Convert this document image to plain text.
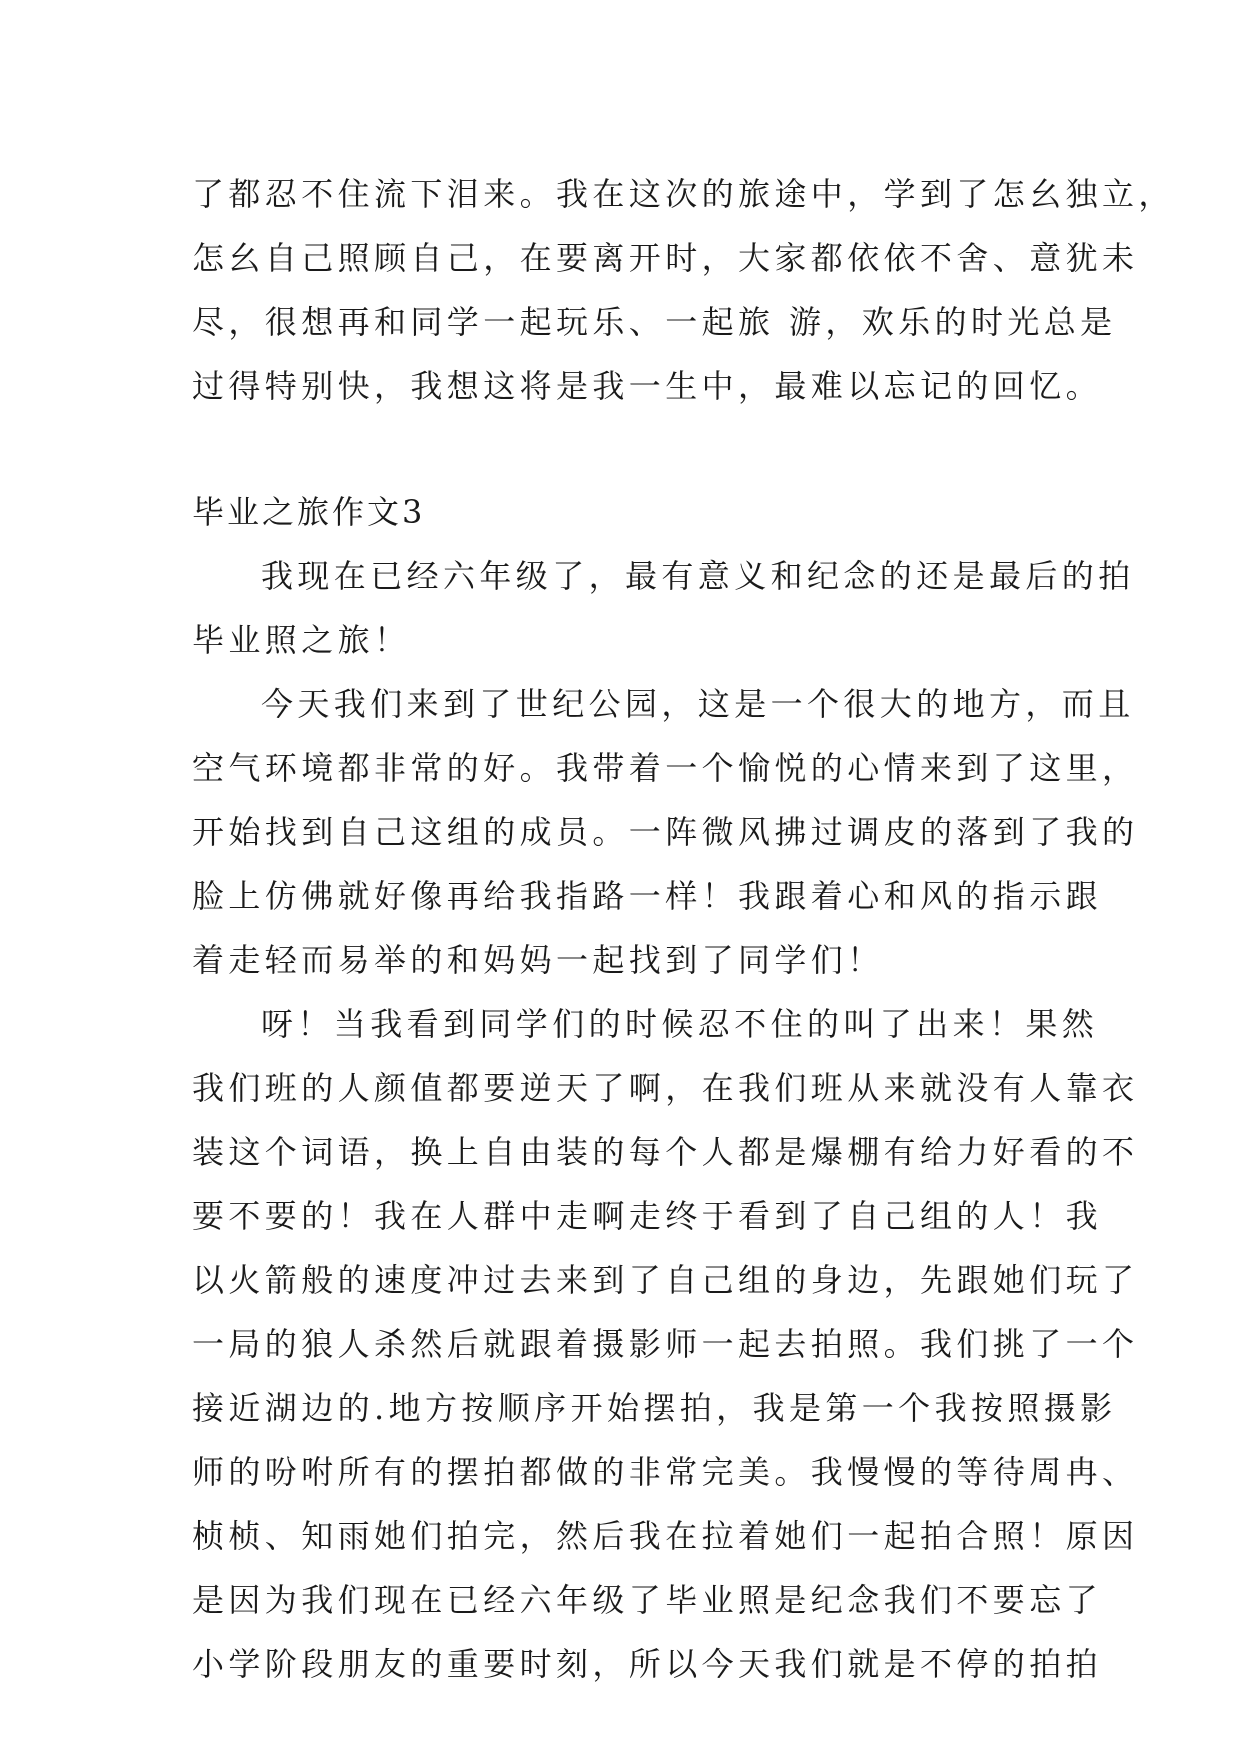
了都忍不住流下泪来。我在这次的旅途中，学到了怎幺独立，
怎幺自己照顾自己，在要离开时，大家都依依不舍、意犹未
尽，很想再和同学一起玩乐、一起旅 游，欢乐的时光总是
过得特别快，我想这将是我一生中，最难以忘记的回忆。
毕业之旅作文3
我现在已经六年级了，最有意义和纪念的还是最后的拍
毕业照之旅！
今天我们来到了世纪公园，这是一个很大的地方，而且
空气环境都非常的好。我带着一个愉悦的心情来到了这里，
开始找到自己这组的成员。一阵微风拂过调皮的落到了我的
脸上仿佛就好像再给我指路一样！我跟着心和风的指示跟
着走轻而易举的和妈妈一起找到了同学们！
呀！当我看到同学们的时候忍不住的叫了出来！果然
我们班的人颜值都要逆天了啊，在我们班从来就没有人靠衣
装这个词语，换上自由装的每个人都是爆棚有给力好看的不
要不要的！我在人群中走啊走终于看到了自己组的人！我
以火箭般的速度冲过去来到了自己组的身边，先跟她们玩了
一局的狼人杀然后就跟着摄影师一起去拍照。我们挑了一个
接近湖边的.地方按顺序开始摆拍，我是第一个我按照摄影
师的吩咐所有的摆拍都做的非常完美。我慢慢的等待周冉、
桢桢、知雨她们拍完，然后我在拉着她们一起拍合照！原因
是因为我们现在已经六年级了毕业照是纪念我们不要忘了
小学阶段朋友的重要时刻，所以今天我们就是不停的拍拍
